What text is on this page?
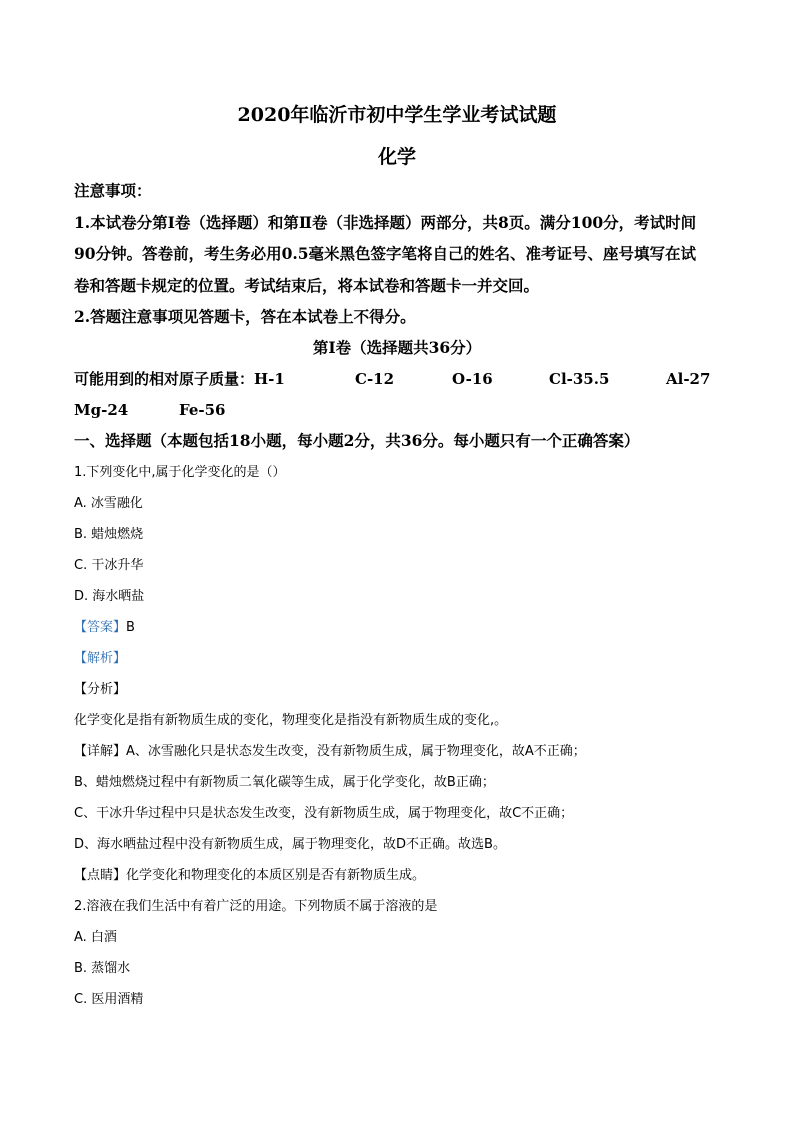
2020年临沂市初中学生学业考试试题
化学
注意事项：
1.本试卷分第Ⅰ卷（选择题）和第Ⅱ卷（非选择题）两部分，共8页。满分100分，考试时间
90分钟。答卷前，考生务必用0.5毫米黑色签字笔将自己的姓名、准考证号、座号填写在试
卷和答题卡规定的位置。考试结束后，将本试卷和答题卡一并交回。
2.答题注意事项见答题卡，答在本试卷上不得分。
第Ⅰ卷（选择题共36分）
可能用到的相对原子质量：H-1	C-12	O-16	Cl-35.5	Al-27
Mg-24	Fe-56
一、选择题（本题包括18小题，每小题2分，共36分。每小题只有一个正确答案）
1.下列变化中,属于化学变化的是（）
A. 冰雪融化
B. 蜡烛燃烧
C. 干冰升华
D. 海水晒盐
【答案】B
【解析】
【分析】
化学变化是指有新物质生成的变化，物理变化是指没有新物质生成的变化,。
【详解】A、冰雪融化只是状态发生改变，没有新物质生成，属于物理变化，故A不正确；
B、蜡烛燃烧过程中有新物质二氧化碳等生成，属于化学变化，故B正确；
C、干冰升华过程中只是状态发生改变，没有新物质生成，属于物理变化，故C不正确；
D、海水晒盐过程中没有新物质生成，属于物理变化，故D不正确。故选B。
【点睛】化学变化和物理变化的本质区别是否有新物质生成。
2.溶液在我们生活中有着广泛的用途。下列物质不属于溶液的是
A. 白酒
B. 蒸馏水
C. 医用酒精
